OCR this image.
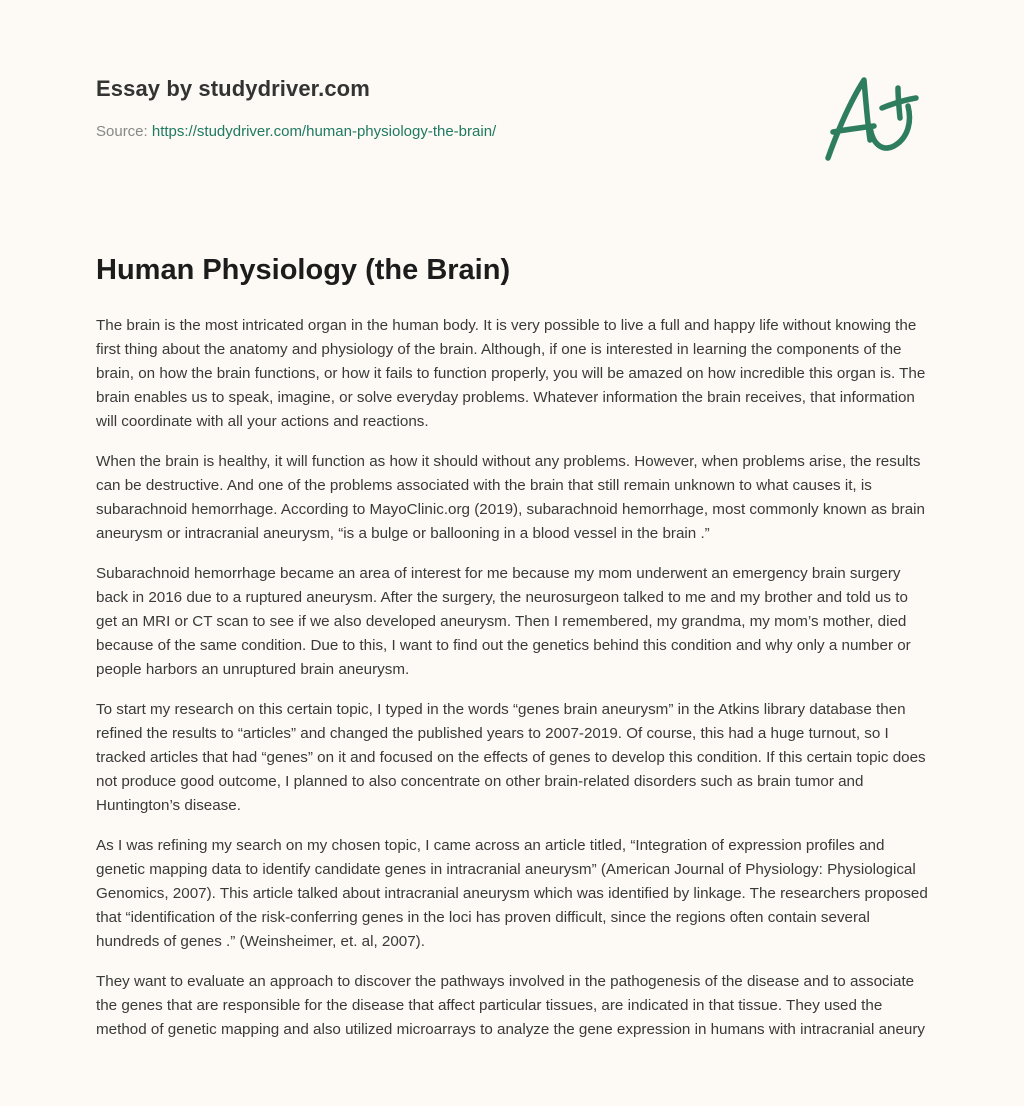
Essay by studydriver.com
Source: https://studydriver.com/human-physiology-the-brain/
Human Physiology (the Brain)

The brain is the most intricated organ in the human body. It is very possible to live a full and happy life without knowing the first thing about the anatomy and physiology of the brain. Although, if one is interested in learning the components of the brain, on how the brain functions, or how it fails to function properly, you will be amazed on how incredible this organ is. The brain enables us to speak, imagine, or solve everyday problems. Whatever information the brain receives, that information will coordinate with all your actions and reactions.

When the brain is healthy, it will function as how it should without any problems. However, when problems arise, the results can be destructive. And one of the problems associated with the brain that still remain unknown to what causes it, is subarachnoid hemorrhage. According to MayoClinic.org (2019), subarachnoid hemorrhage, most commonly known as brain aneurysm or intracranial aneurysm, “is a bulge or ballooning in a blood vessel in the brain .”

Subarachnoid hemorrhage became an area of interest for me because my mom underwent an emergency brain surgery back in 2016 due to a ruptured aneurysm. After the surgery, the neurosurgeon talked to me and my brother and told us to get an MRI or CT scan to see if we also developed aneurysm. Then I remembered, my grandma, my mom’s mother, died because of the same condition. Due to this, I want to find out the genetics behind this condition and why only a number or people harbors an unruptured brain aneurysm.

To start my research on this certain topic, I typed in the words “genes brain aneurysm” in the Atkins library database then refined the results to “articles” and changed the published years to 2007-2019. Of course, this had a huge turnout, so I tracked articles that had “genes” on it and focused on the effects of genes to develop this condition. If this certain topic does not produce good outcome, I planned to also concentrate on other brain-related disorders such as brain tumor and Huntington’s disease.

As I was refining my search on my chosen topic, I came across an article titled, “Integration of expression profiles and genetic mapping data to identify candidate genes in intracranial aneurysm” (American Journal of Physiology: Physiological Genomics, 2007). This article talked about intracranial aneurysm which was identified by linkage. The researchers proposed that “identification of the risk-conferring genes in the loci has proven difficult, since the regions often contain several hundreds of genes .” (Weinsheimer, et. al, 2007).

They want to evaluate an approach to discover the pathways involved in the pathogenesis of the disease and to associate the genes that are responsible for the disease that affect particular tissues, are indicated in that tissue. They used the method of genetic mapping and also utilized microarrays to analyze the gene expression in humans with intracranial aneury
